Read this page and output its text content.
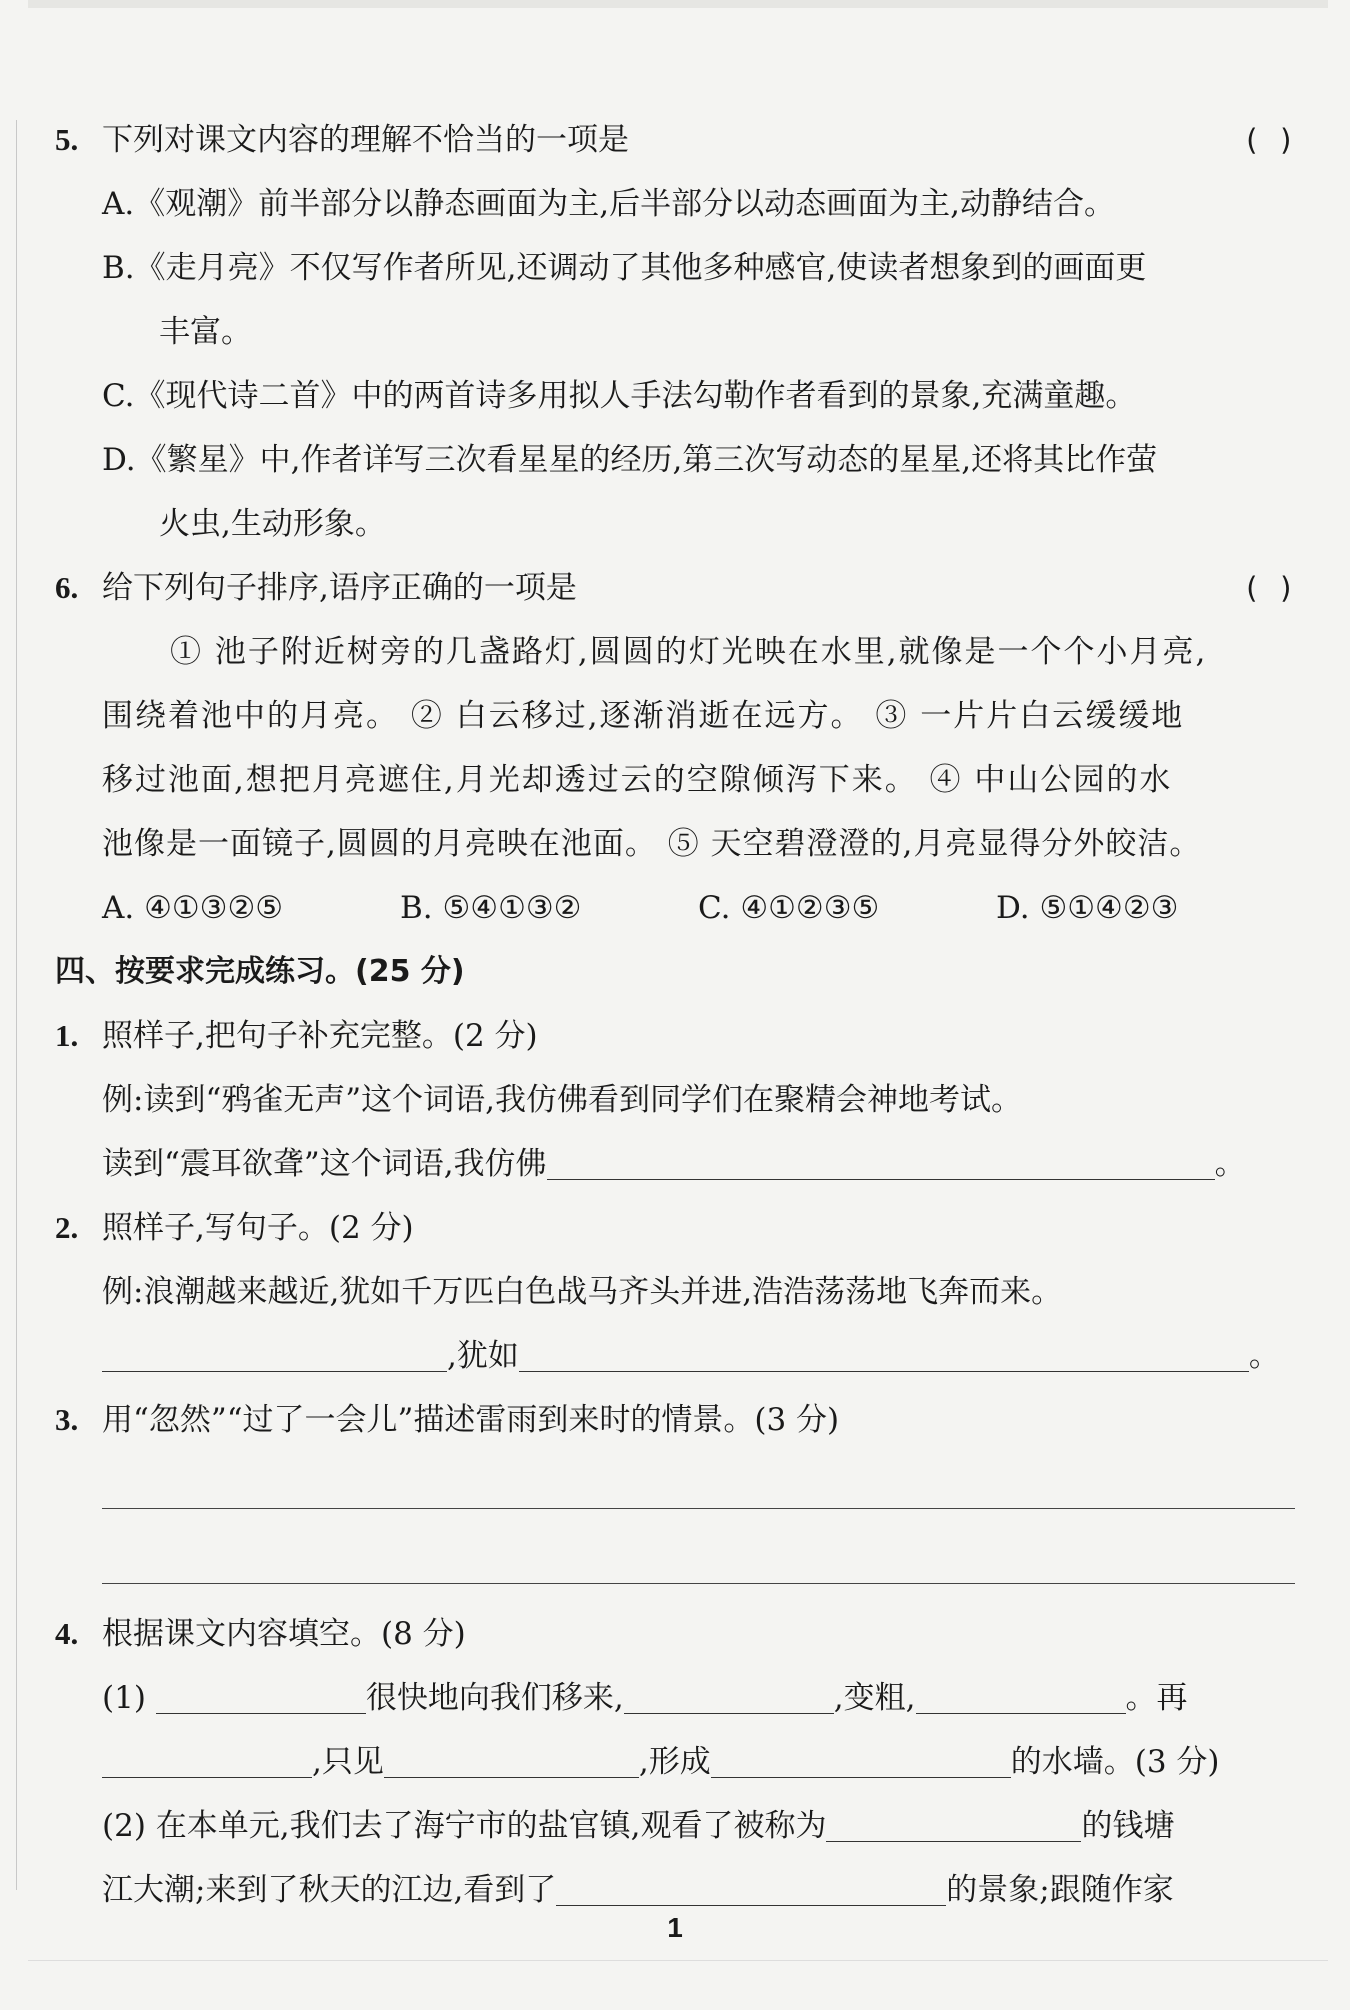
5. 下列对课文内容的理解不恰当的一项是	( )
A.《观潮》前半部分以静态画面为主,后半部分以动态画面为主,动静结合。
B.《走月亮》不仅写作者所见,还调动了其他多种感官,使读者想象到的画面更
丰富。
C.《现代诗二首》中的两首诗多用拟人手法勾勒作者看到的景象,充满童趣。
D.《繁星》中,作者详写三次看星星的经历,第三次写动态的星星,还将其比作萤
火虫,生动形象。
6. 给下列句子排序,语序正确的一项是	( )
① 池子附近树旁的几盏路灯,圆圆的灯光映在水里,就像是一个个小月亮,
围绕着池中的月亮。 ② 白云移过,逐渐消逝在远方。 ③ 一片片白云缓缓地
移过池面,想把月亮遮住,月光却透过云的空隙倾泻下来。 ④ 中山公园的水
池像是一面镜子,圆圆的月亮映在池面。 ⑤ 天空碧澄澄的,月亮显得分外皎洁。
A. ④①③②⑤	B. ⑤④①③②	C. ④①②③⑤	D. ⑤①④②③
四、按要求完成练习。(25 分)
1. 照样子,把句子补充完整。(2 分)
例:读到“鸦雀无声”这个词语,我仿佛看到同学们在聚精会神地考试。
读到“震耳欲聋”这个词语,我仿佛	。
2. 照样子,写句子。(2 分)
例:浪潮越来越近,犹如千万匹白色战马齐头并进,浩浩荡荡地飞奔而来。
,犹如	。
3. 用“忽然”“过了一会儿”描述雷雨到来时的情景。(3 分)
4. 根据课文内容填空。(8 分)
(1)	很快地向我们移来,	,变粗,	。再
,只见	,形成	的水墙。(3 分)
(2) 在本单元,我们去了海宁市的盐官镇,观看了被称为	的钱塘
江大潮;来到了秋天的江边,看到了	的景象;跟随作家
1
